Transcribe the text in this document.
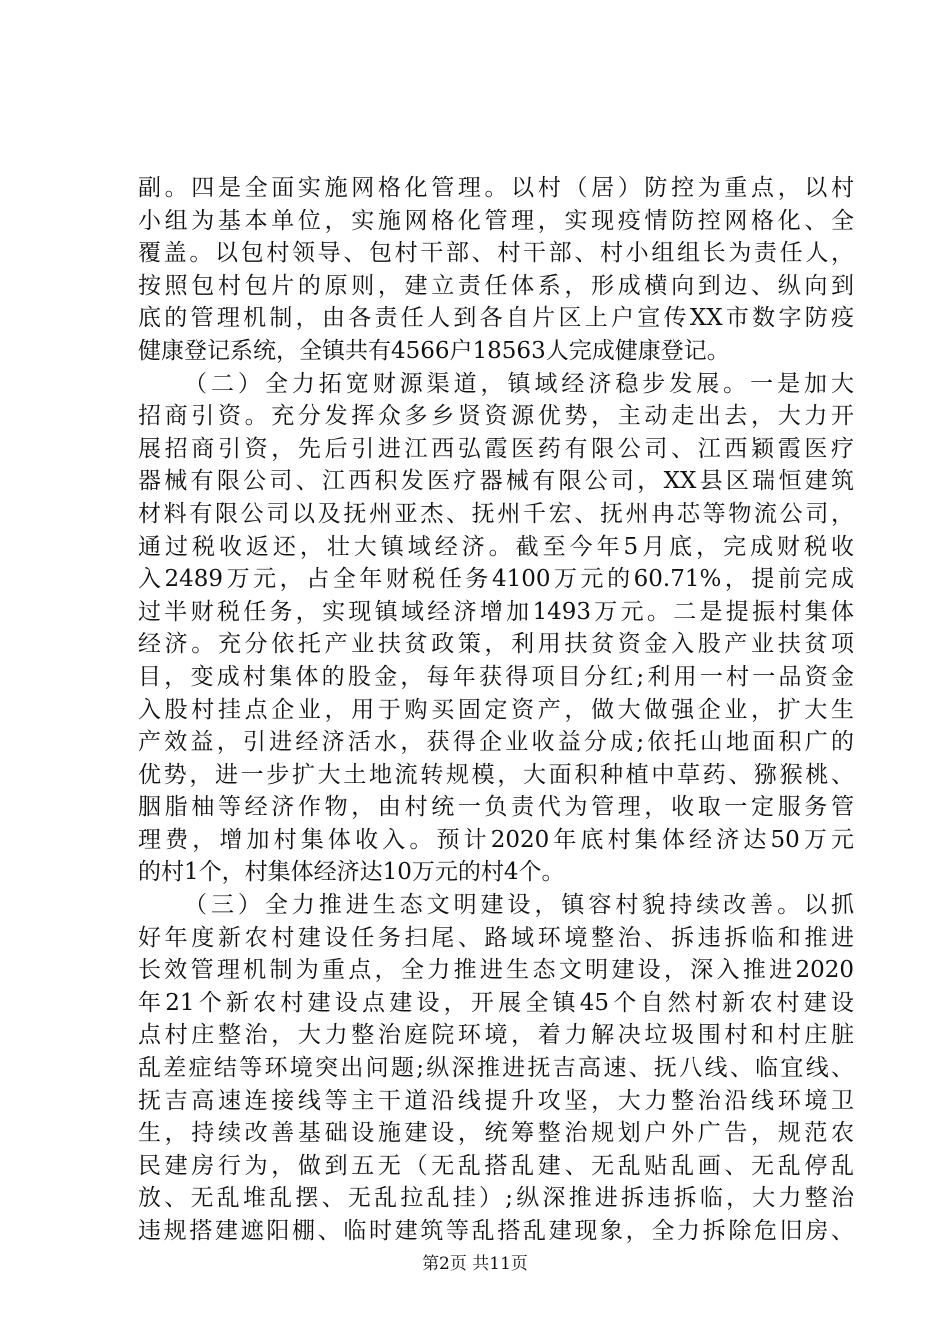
副。四是全面实施网格化管理。以村（居）防控为重点，以村
小组为基本单位，实施网格化管理，实现疫情防控网格化、全
覆盖。以包村领导、包村干部、村干部、村小组组长为责任人，
按照包村包片的原则，建立责任体系，形成横向到边、纵向到
底的管理机制，由各责任人到各自片区上户宣传XX市数字防疫
健康登记系统，全镇共有4566户18563人完成健康登记。
（二）全力拓宽财源渠道，镇域经济稳步发展。一是加大
招商引资。充分发挥众多乡贤资源优势，主动走出去，大力开
展招商引资，先后引进江西弘霞医药有限公司、江西颖霞医疗
器械有限公司、江西积发医疗器械有限公司，XX县区瑞恒建筑
材料有限公司以及抚州亚杰、抚州千宏、抚州冉芯等物流公司，
通过税收返还，壮大镇域经济。截至今年5月底，完成财税收
入2489万元，占全年财税任务4100万元的60.71%，提前完成
过半财税任务，实现镇域经济增加1493万元。二是提振村集体
经济。充分依托产业扶贫政策，利用扶贫资金入股产业扶贫项
目，变成村集体的股金，每年获得项目分红;利用一村一品资金
入股村挂点企业，用于购买固定资产，做大做强企业，扩大生
产效益，引进经济活水，获得企业收益分成;依托山地面积广的
优势，进一步扩大土地流转规模，大面积种植中草药、猕猴桃、
胭脂柚等经济作物，由村统一负责代为管理，收取一定服务管
理费，增加村集体收入。预计2020年底村集体经济达50万元
的村1个，村集体经济达10万元的村4个。
（三）全力推进生态文明建设，镇容村貌持续改善。以抓
好年度新农村建设任务扫尾、路域环境整治、拆违拆临和推进
长效管理机制为重点，全力推进生态文明建设，深入推进2020
年21个新农村建设点建设，开展全镇45个自然村新农村建设
点村庄整治，大力整治庭院环境，着力解决垃圾围村和村庄脏
乱差症结等环境突出问题;纵深推进抚吉高速、抚八线、临宜线、
抚吉高速连接线等主干道沿线提升攻坚，大力整治沿线环境卫
生，持续改善基础设施建设，统筹整治规划户外广告，规范农
民建房行为，做到五无（无乱搭乱建、无乱贴乱画、无乱停乱
放、无乱堆乱摆、无乱拉乱挂）;纵深推进拆违拆临，大力整治
违规搭建遮阳棚、临时建筑等乱搭乱建现象，全力拆除危旧房、
第2页 共11页
